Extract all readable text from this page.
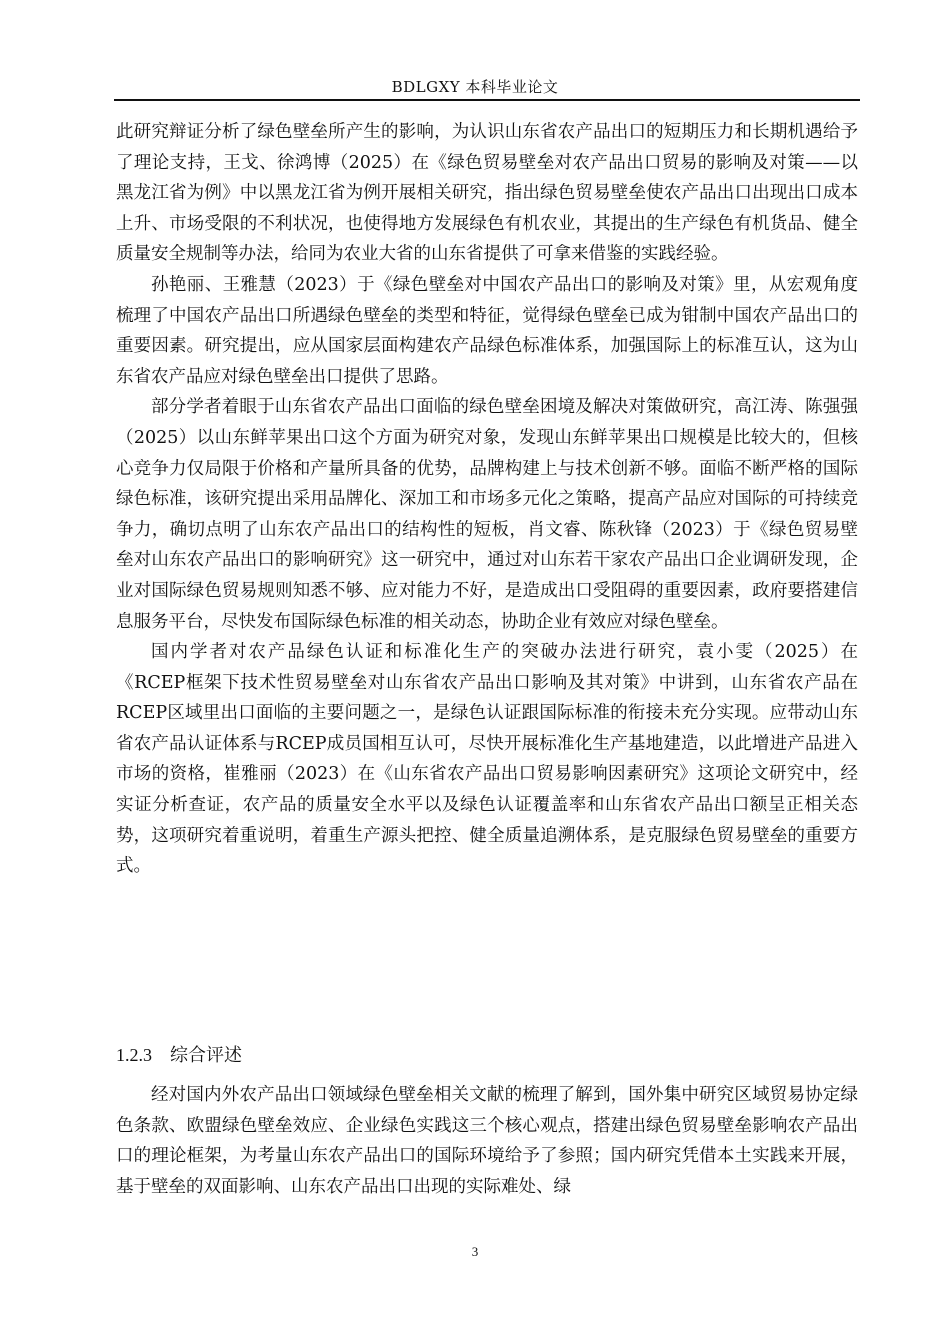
BDLGXY 本科毕业论文

此研究辩证分析了绿色壁垒所产生的影响，为认识山东省农产品出口的短期压力和长期机遇给予了理论支持，王戈、徐鸿博（2025）在《绿色贸易壁垒对农产品出口贸易的影响及对策——以黑龙江省为例》中以黑龙江省为例开展相关研究，指出绿色贸易壁垒使农产品出口出现出口成本上升、市场受限的不利状况，也使得地方发展绿色有机农业，其提出的生产绿色有机货品、健全质量安全规制等办法，给同为农业大省的山东省提供了可拿来借鉴的实践经验。

孙艳丽、王雅慧（2023）于《绿色壁垒对中国农产品出口的影响及对策》里，从宏观角度梳理了中国农产品出口所遇绿色壁垒的类型和特征，觉得绿色壁垒已成为钳制中国农产品出口的重要因素。研究提出，应从国家层面构建农产品绿色标准体系，加强国际上的标准互认，这为山东省农产品应对绿色壁垒出口提供了思路。

部分学者着眼于山东省农产品出口面临的绿色壁垒困境及解决对策做研究，高江涛、陈强强（2025）以山东鲜苹果出口这个方面为研究对象，发现山东鲜苹果出口规模是比较大的，但核心竞争力仅局限于价格和产量所具备的优势，品牌构建上与技术创新不够。面临不断严格的国际绿色标准，该研究提出采用品牌化、深加工和市场多元化之策略，提高产品应对国际的可持续竞争力，确切点明了山东农产品出口的结构性的短板，肖文睿、陈秋锋（2023）于《绿色贸易壁垒对山东农产品出口的影响研究》这一研究中，通过对山东若干家农产品出口企业调研发现，企业对国际绿色贸易规则知悉不够、应对能力不好，是造成出口受阻碍的重要因素，政府要搭建信息服务平台，尽快发布国际绿色标准的相关动态，协助企业有效应对绿色壁垒。

国内学者对农产品绿色认证和标准化生产的突破办法进行研究，袁小雯（2025）在《RCEP框架下技术性贸易壁垒对山东省农产品出口影响及其对策》中讲到，山东省农产品在RCEP区域里出口面临的主要问题之一，是绿色认证跟国际标准的衔接未充分实现。应带动山东省农产品认证体系与RCEP成员国相互认可，尽快开展标准化生产基地建造，以此增进产品进入市场的资格，崔雅丽（2023）在《山东省农产品出口贸易影响因素研究》这项论文研究中，经实证分析查证，农产品的质量安全水平以及绿色认证覆盖率和山东省农产品出口额呈正相关态势，这项研究着重说明，着重生产源头把控、健全质量追溯体系，是克服绿色贸易壁垒的重要方式。

1.2.3 综合评述

经对国内外农产品出口领域绿色壁垒相关文献的梳理了解到，国外集中研究区域贸易协定绿色条款、欧盟绿色壁垒效应、企业绿色实践这三个核心观点，搭建出绿色贸易壁垒影响农产品出口的理论框架，为考量山东农产品出口的国际环境给予了参照；国内研究凭借本土实践来开展，基于壁垒的双面影响、山东农产品出口出现的实际难处、绿

3
